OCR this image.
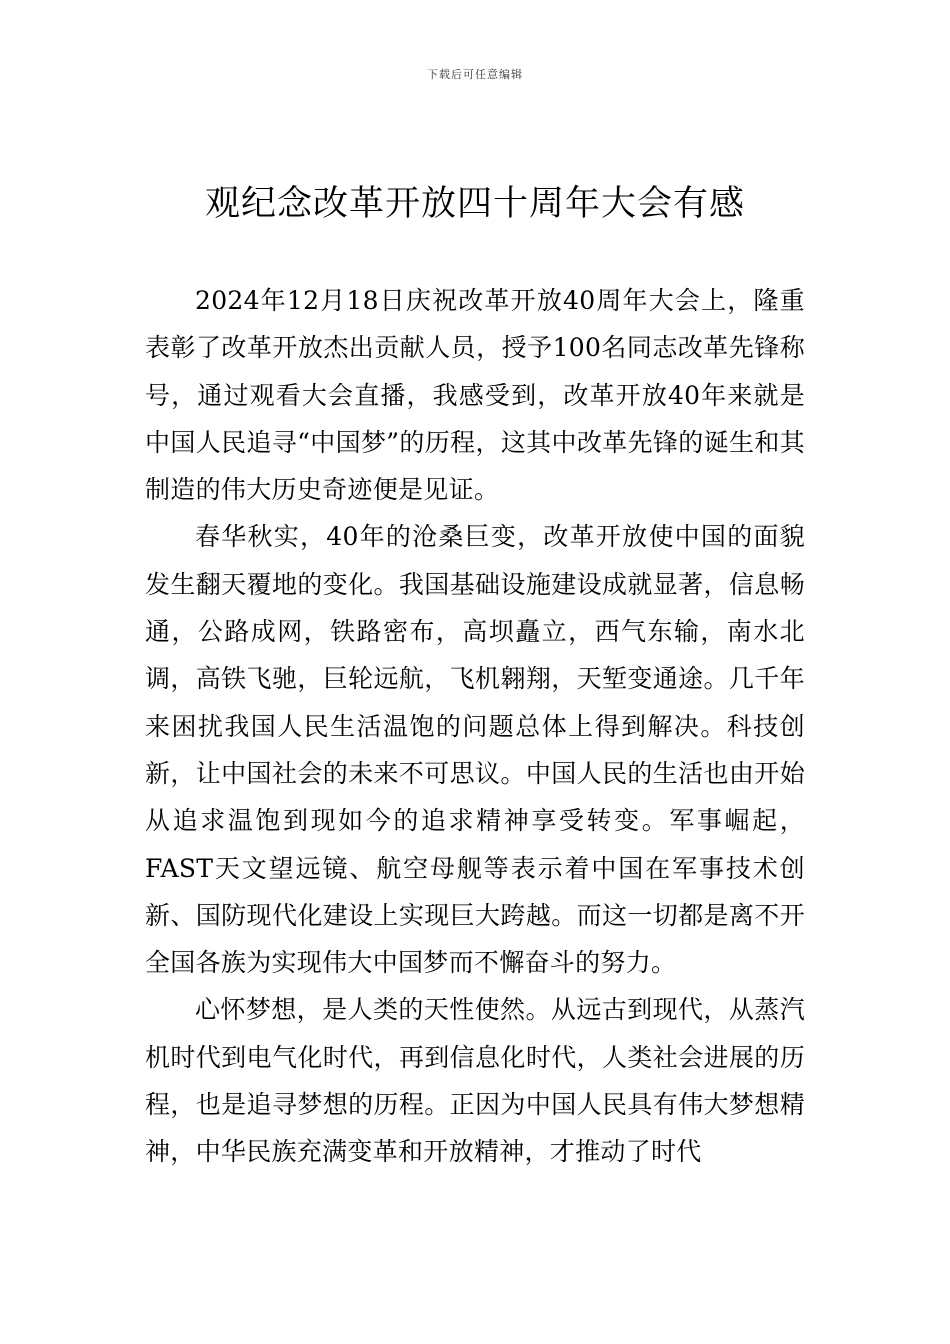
下载后可任意编辑
观纪念改革开放四十周年大会有感

2024年12月18日庆祝改革开放40周年大会上，隆重表彰了改革开放杰出贡献人员，授予100名同志改革先锋称号，通过观看大会直播，我感受到，改革开放40年来就是中国人民追寻“中国梦”的历程，这其中改革先锋的诞生和其制造的伟大历史奇迹便是见证。

春华秋实，40年的沧桑巨变，改革开放使中国的面貌发生翻天覆地的变化。我国基础设施建设成就显著，信息畅通，公路成网，铁路密布，高坝矗立，西气东输，南水北调，高铁飞驰，巨轮远航，飞机翱翔，天堑变通途。几千年来困扰我国人民生活温饱的问题总体上得到解决。科技创新，让中国社会的未来不可思议。中国人民的生活也由开始从追求温饱到现如今的追求精神享受转变。军事崛起，FAST天文望远镜、航空母舰等表示着中国在军事技术创新、国防现代化建设上实现巨大跨越。而这一切都是离不开全国各族为实现伟大中国梦而不懈奋斗的努力。

心怀梦想，是人类的天性使然。从远古到现代，从蒸汽机时代到电气化时代，再到信息化时代，人类社会进展的历程，也是追寻梦想的历程。正因为中国人民具有伟大梦想精神，中华民族充满变革和开放精神，才推动了时代
